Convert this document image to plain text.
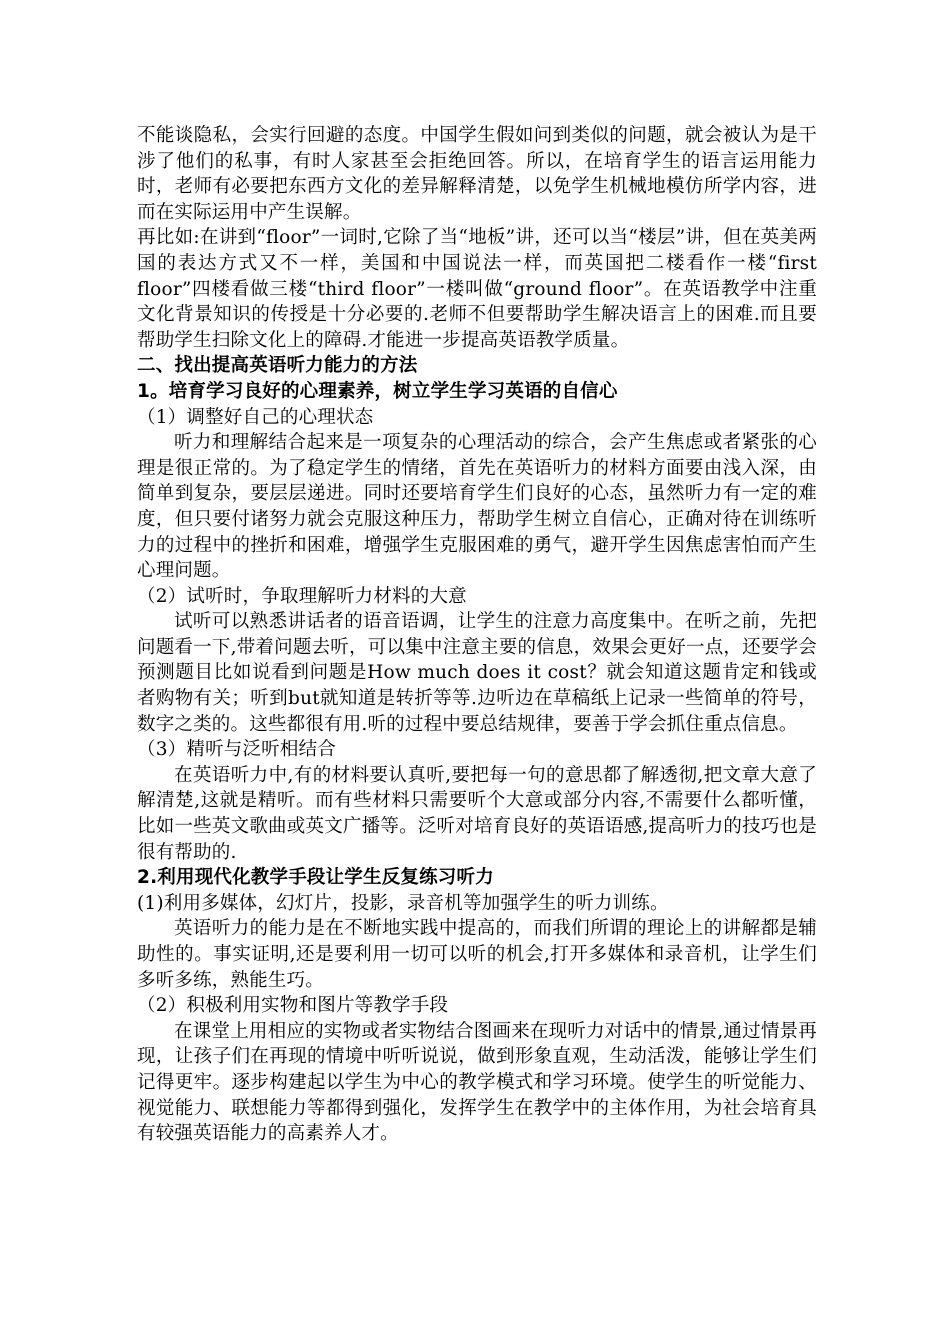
不能谈隐私，会实行回避的态度。中国学生假如问到类似的问题，就会被认为是干涉了他们的私事，有时人家甚至会拒绝回答。所以，在培育学生的语言运用能力时，老师有必要把东西方文化的差异解释清楚，以免学生机械地模仿所学内容，进而在实际运用中产生误解。

再比如:在讲到“floor”一词时,它除了当“地板”讲，还可以当“楼层”讲，但在英美两国的表达方式又不一样，美国和中国说法一样，而英国把二楼看作一楼“first floor”四楼看做三楼“third floor”一楼叫做“ground floor”。在英语教学中注重文化背景知识的传授是十分必要的.老师不但要帮助学生解决语言上的困难.而且要帮助学生扫除文化上的障碍.才能进一步提高英语教学质量。

二、找出提高英语听力能力的方法

1。培育学习良好的心理素养，树立学生学习英语的自信心

（1）调整好自己的心理状态

听力和理解结合起来是一项复杂的心理活动的综合，会产生焦虑或者紧张的心理是很正常的。为了稳定学生的情绪，首先在英语听力的材料方面要由浅入深，由简单到复杂，要层层递进。同时还要培育学生们良好的心态，虽然听力有一定的难度，但只要付诸努力就会克服这种压力，帮助学生树立自信心，正确对待在训练听力的过程中的挫折和困难，增强学生克服困难的勇气，避开学生因焦虑害怕而产生心理问题。

（2）试听时，争取理解听力材料的大意

试听可以熟悉讲话者的语音语调，让学生的注意力高度集中。在听之前，先把问题看一下,带着问题去听，可以集中注意主要的信息，效果会更好一点，还要学会预测题目比如说看到问题是How much does it cost？就会知道这题肯定和钱或者购物有关；听到but就知道是转折等等.边听边在草稿纸上记录一些简单的符号，数字之类的。这些都很有用.听的过程中要总结规律，要善于学会抓住重点信息。

（3）精听与泛听相结合

在英语听力中,有的材料要认真听,要把每一句的意思都了解透彻,把文章大意了解清楚,这就是精听。而有些材料只需要听个大意或部分内容,不需要什么都听懂，比如一些英文歌曲或英文广播等。泛听对培育良好的英语语感,提高听力的技巧也是很有帮助的.

2.利用现代化教学手段让学生反复练习听力

(1)利用多媒体，幻灯片，投影，录音机等加强学生的听力训练。

英语听力的能力是在不断地实践中提高的，而我们所谓的理论上的讲解都是辅助性的。事实证明,还是要利用一切可以听的机会,打开多媒体和录音机，让学生们多听多练，熟能生巧。

（2）积极利用实物和图片等教学手段

在课堂上用相应的实物或者实物结合图画来在现听力对话中的情景,通过情景再现，让孩子们在再现的情境中听听说说，做到形象直观，生动活泼，能够让学生们记得更牢。逐步构建起以学生为中心的教学模式和学习环境。使学生的听觉能力、视觉能力、联想能力等都得到强化，发挥学生在教学中的主体作用，为社会培育具有较强英语能力的高素养人才。
